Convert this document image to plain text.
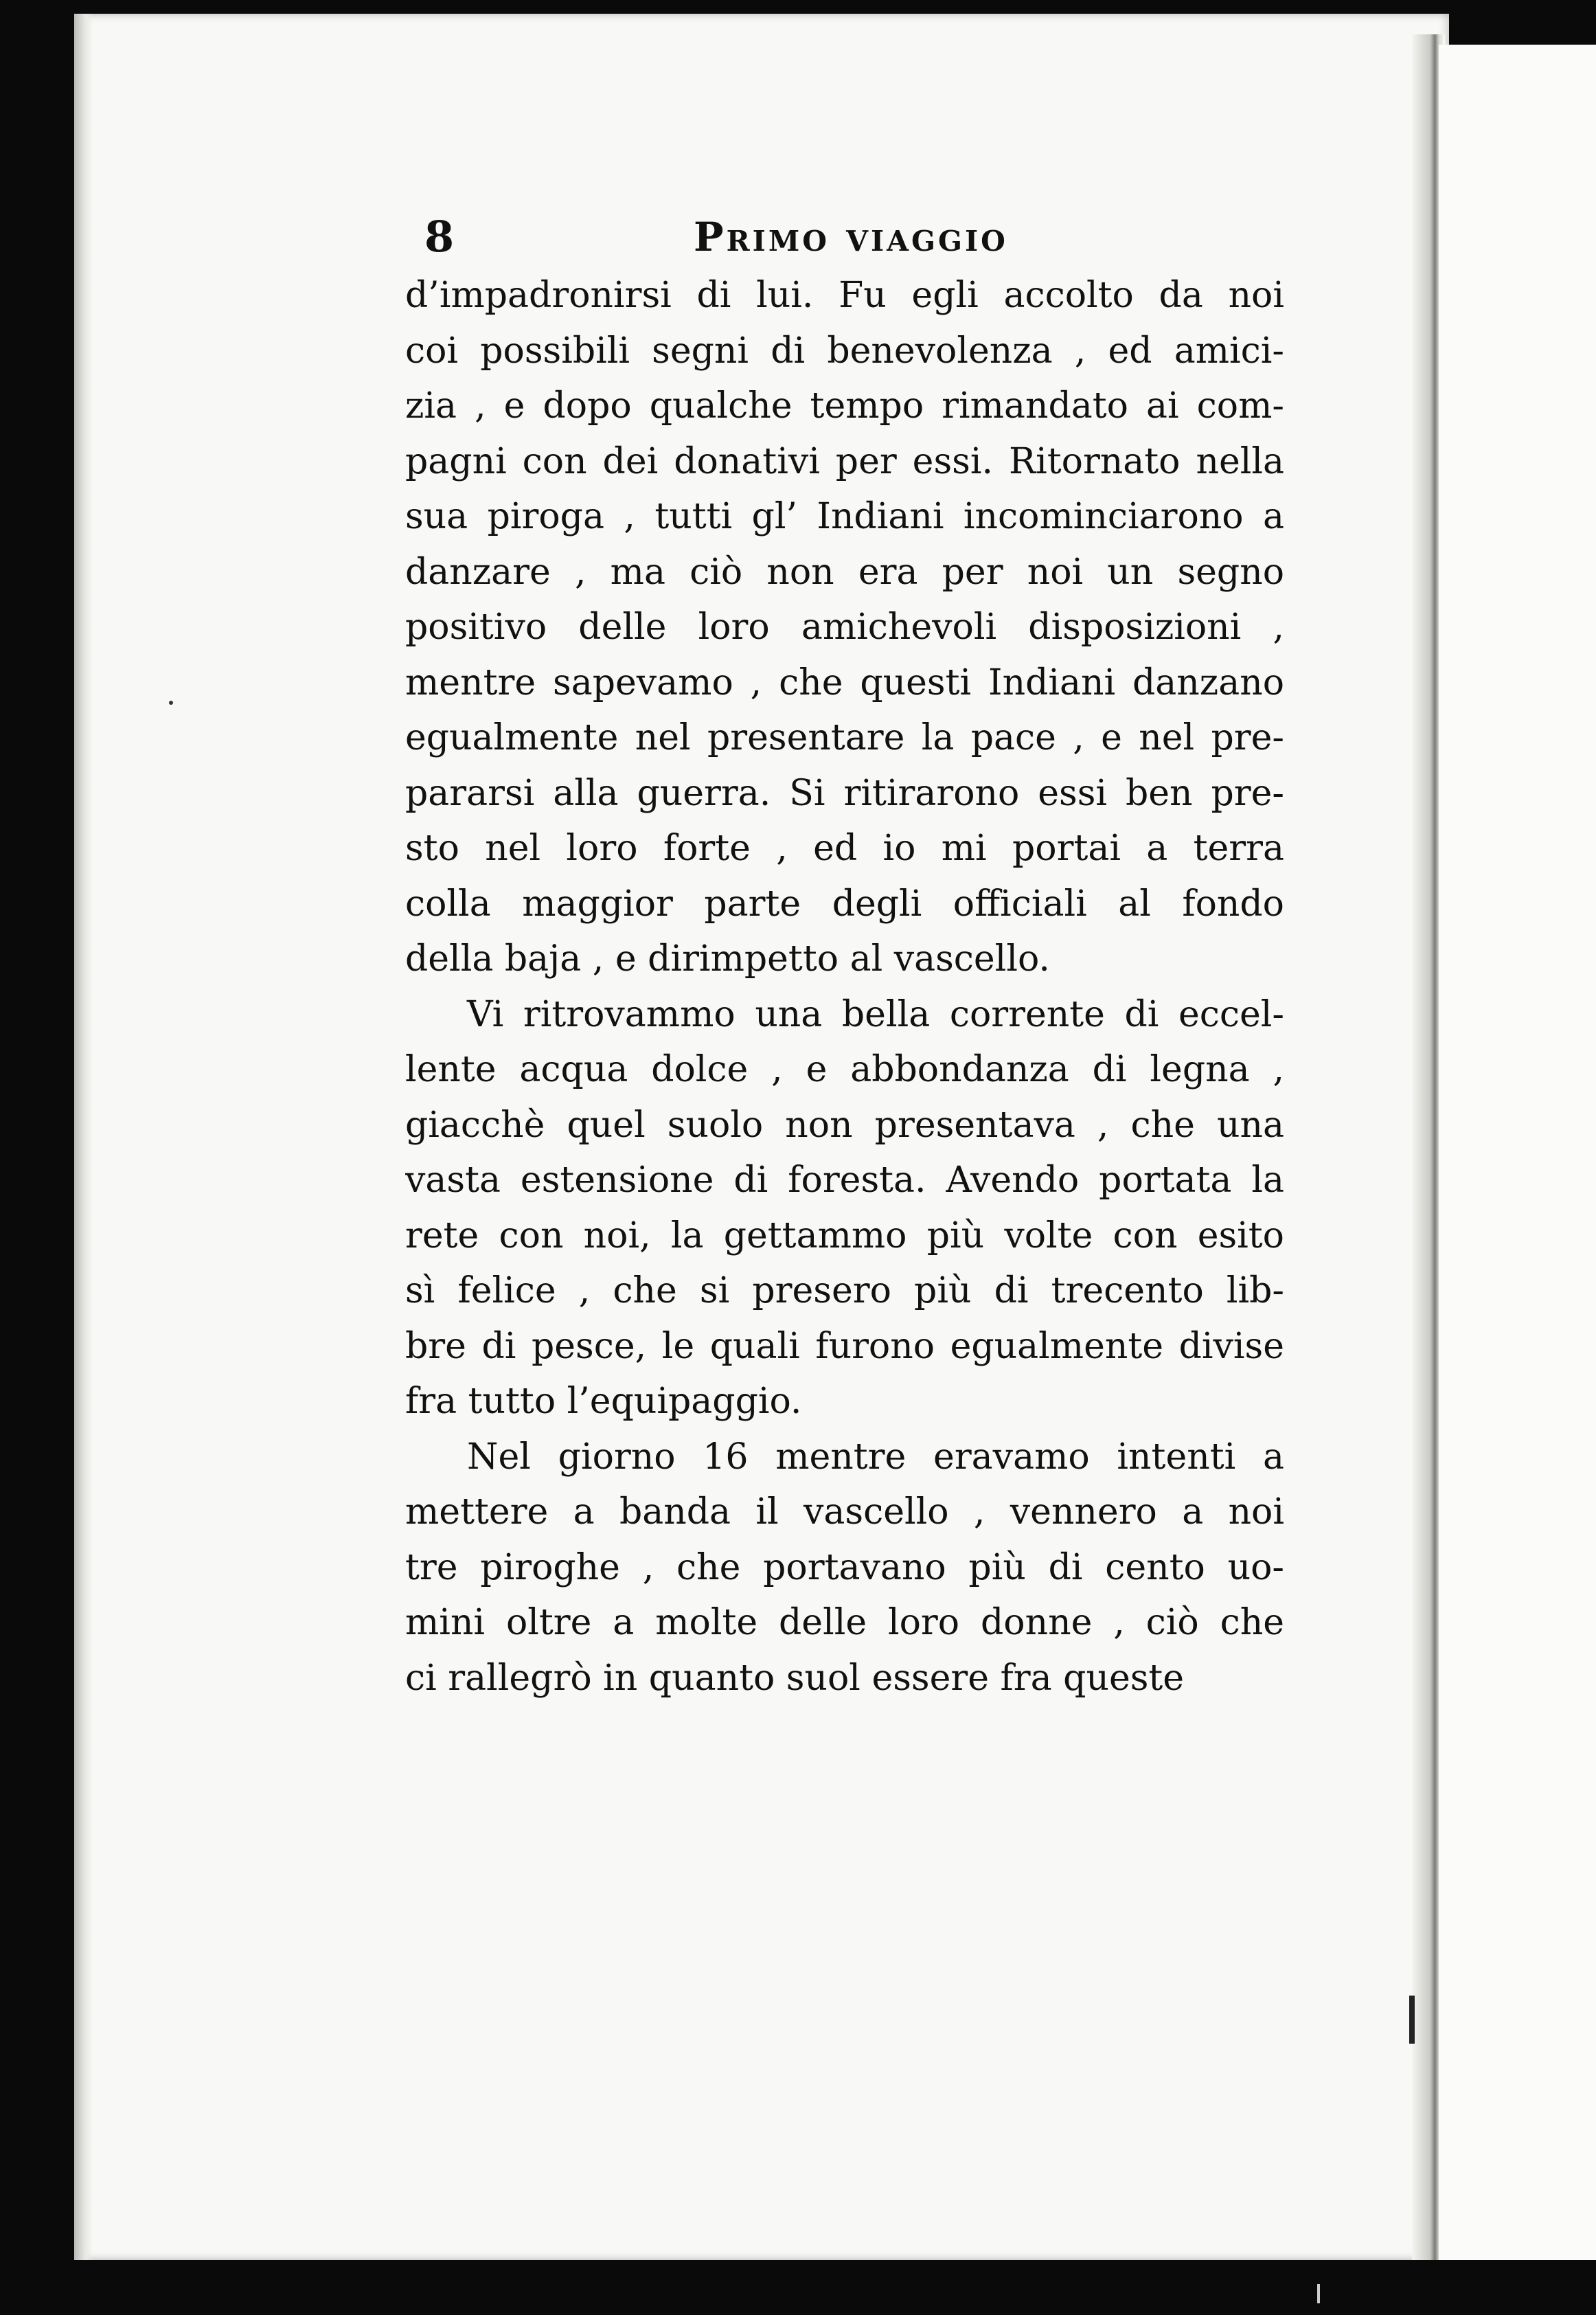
8	Primo viaggio
d’impadronirsi di lui. Fu egli accolto da noi
coi possibili segni di benevolenza , ed amici-
zia , e dopo qualche tempo rimandato ai com-
pagni con dei donativi per essi. Ritornato nella
sua piroga , tutti gl’ Indiani incominciarono a
danzare , ma ciò non era per noi un segno
positivo delle loro amichevoli disposizioni ,
mentre sapevamo , che questi Indiani danzano
egualmente nel presentare la pace , e nel pre-
pararsi alla guerra. Si ritirarono essi ben pre-
sto nel loro forte , ed io mi portai a terra
colla maggior parte degli officiali al fondo
della baja , e dirimpetto al vascello.
Vi ritrovammo una bella corrente di eccel-
lente acqua dolce , e abbondanza di legna ,
giacchè quel suolo non presentava , che una
vasta estensione di foresta. Avendo portata la
rete con noi, la gettammo più volte con esito
sì felice , che si presero più di trecento lib-
bre di pesce, le quali furono egualmente divise
fra tutto l’equipaggio.
Nel giorno 16 mentre eravamo intenti a
mettere a banda il vascello , vennero a noi
tre piroghe , che portavano più di cento uo-
mini oltre a molte delle loro donne , ciò che
ci rallegrò in quanto suol essere fra queste
